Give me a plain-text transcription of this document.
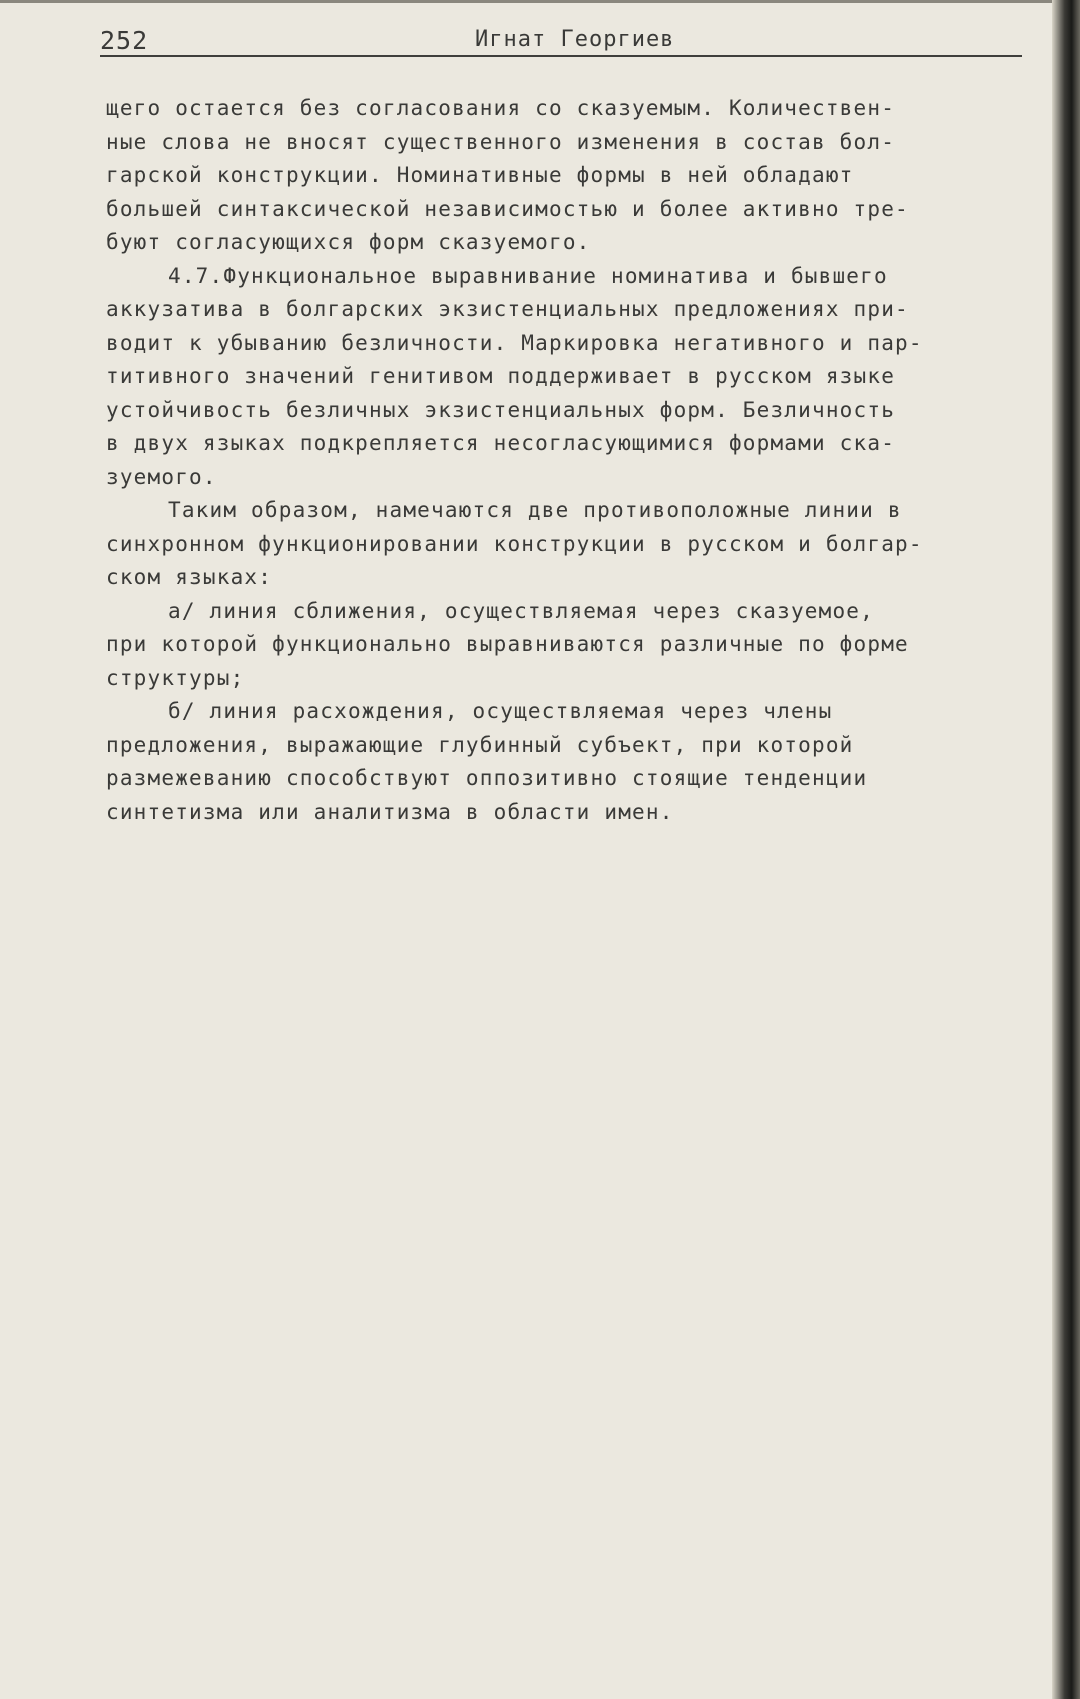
252	Игнат Георгиев
щего остается без согласования со сказуемым. Количествен-
ные слова не вносят существенного изменения в состав бол-
гарской конструкции. Номинативные формы в ней обладают
большей синтаксической независимостью и более активно тре-
буют согласующихся форм сказуемого.
4.7.Функциональное выравнивание номинатива и бывшего
аккузатива в болгарских экзистенциальных предложениях при-
водит к убыванию безличности. Маркировка негативного и пар-
титивного значений генитивом поддерживает в русском языке
устойчивость безличных экзистенциальных форм. Безличность
в двух языках подкрепляется несогласующимися формами ска-
зуемого.
Таким образом, намечаются две противоположные линии в
синхронном функционировании конструкции в русском и болгар-
ском языках:
а/ линия сближения, осуществляемая через сказуемое,
при которой функционально выравниваются различные по форме
структуры;
б/ линия расхождения, осуществляемая через члены
предложения, выражающие глубинный субъект, при которой
размежеванию способствуют оппозитивно стоящие тенденции
синтетизма или аналитизма в области имен.
